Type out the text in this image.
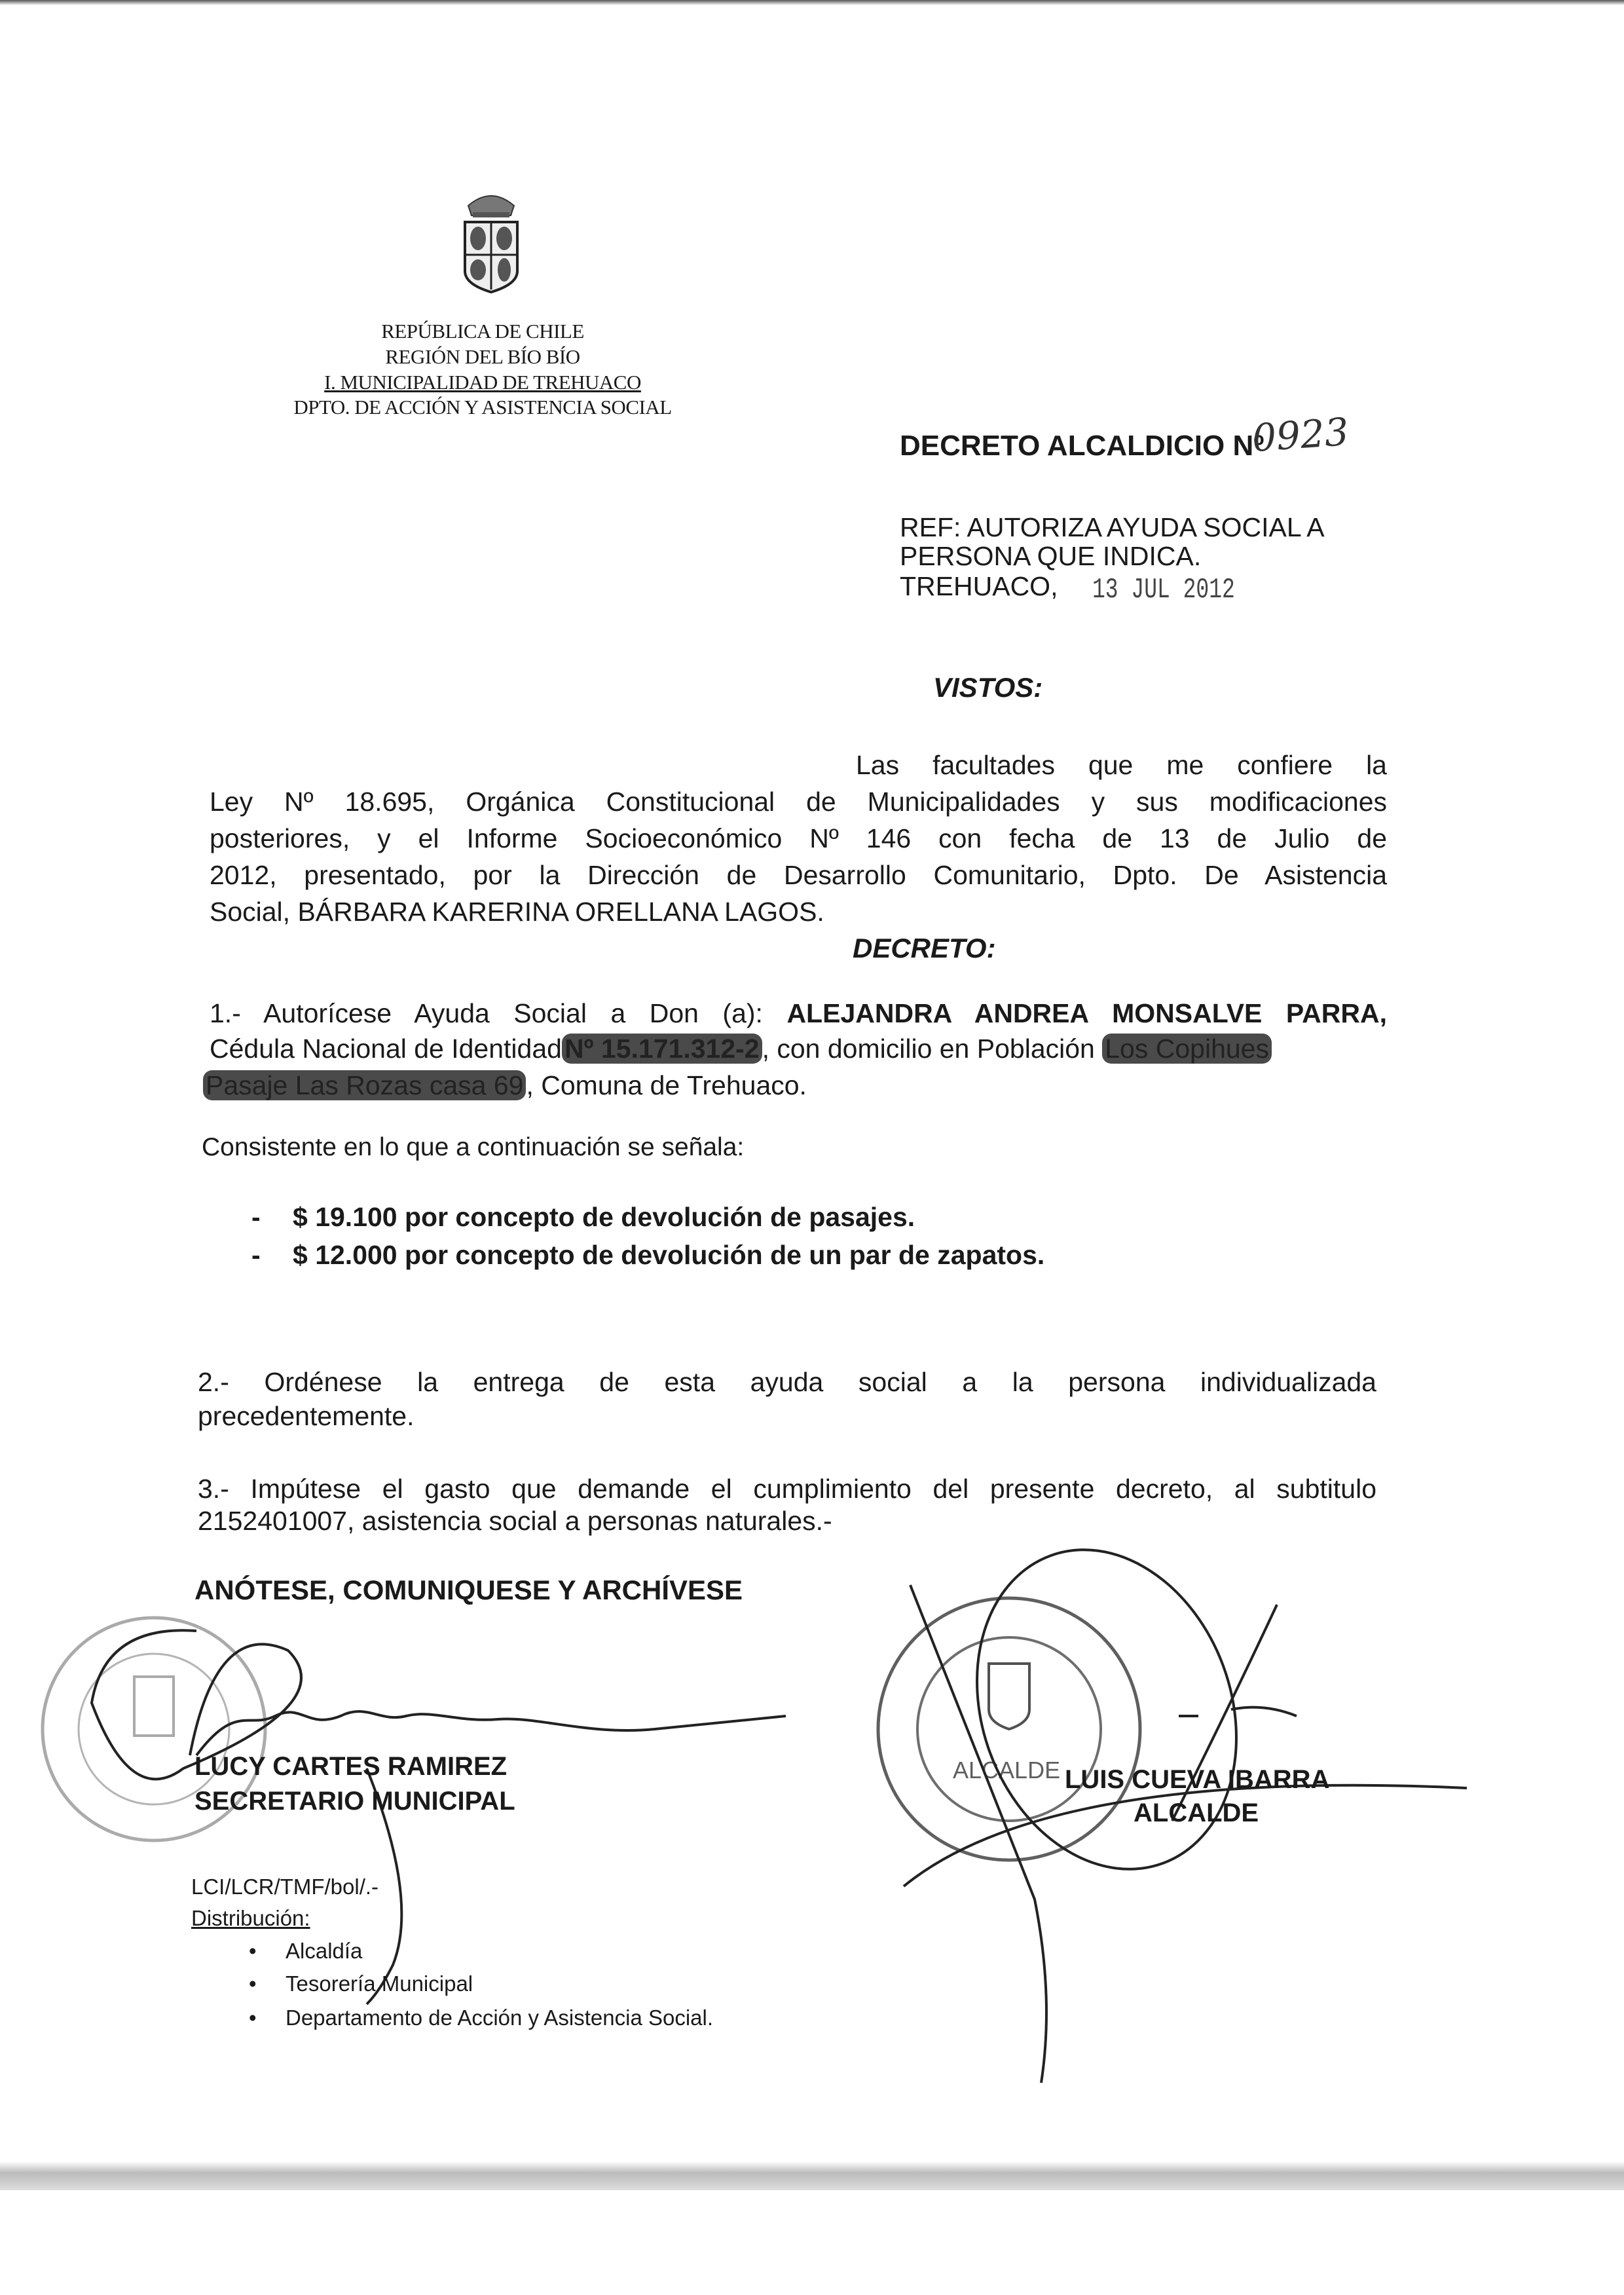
REPÚBLICA DE CHILE
REGIÓN DEL BÍO BÍO
I. MUNICIPALIDAD DE TREHUACO
DPTO. DE ACCIÓN Y ASISTENCIA SOCIAL
DECRETO ALCALDICIO Nº
0923
REF: AUTORIZA AYUDA SOCIAL A
PERSONA QUE INDICA.
TREHUACO, 13 JUL 2012
VISTOS:
Las facultades que me confiere la
Ley Nº 18.695, Orgánica Constitucional de Municipalidades y sus modificaciones
posteriores, y el Informe Socioeconómico Nº 146 con fecha de 13 de Julio de
2012, presentado, por la Dirección de Desarrollo Comunitario, Dpto. De Asistencia
Social, BÁRBARA KARERINA ORELLANA LAGOS.
DECRETO:
1.- Autorícese Ayuda Social a Don (a): ALEJANDRA ANDREA MONSALVE PARRA,
Cédula Nacional de IdentidadNº 15.171.312-2, con domicilio en Población Los Copihues
Pasaje Las Rozas casa 69, Comuna de Trehuaco.
Consistente en lo que a continuación se señala:
- $ 19.100 por concepto de devolución de pasajes.
- $ 12.000 por concepto de devolución de un par de zapatos.
2.- Ordénese la entrega de esta ayuda social a la persona individualizada
precedentemente.
3.- Impútese el gasto que demande el cumplimiento del presente decreto, al subtitulo
2152401007, asistencia social a personas naturales.-
ANÓTESE, COMUNIQUESE Y ARCHÍVESE
ALCALDE
LUCY CARTES RAMIREZ
SECRETARIO MUNICIPAL
LUIS CUEVA IBARRA
ALCALDE
LCI/LCR/TMF/bol/.-
Distribución:
• Alcaldía
• Tesorería Municipal
• Departamento de Acción y Asistencia Social.
